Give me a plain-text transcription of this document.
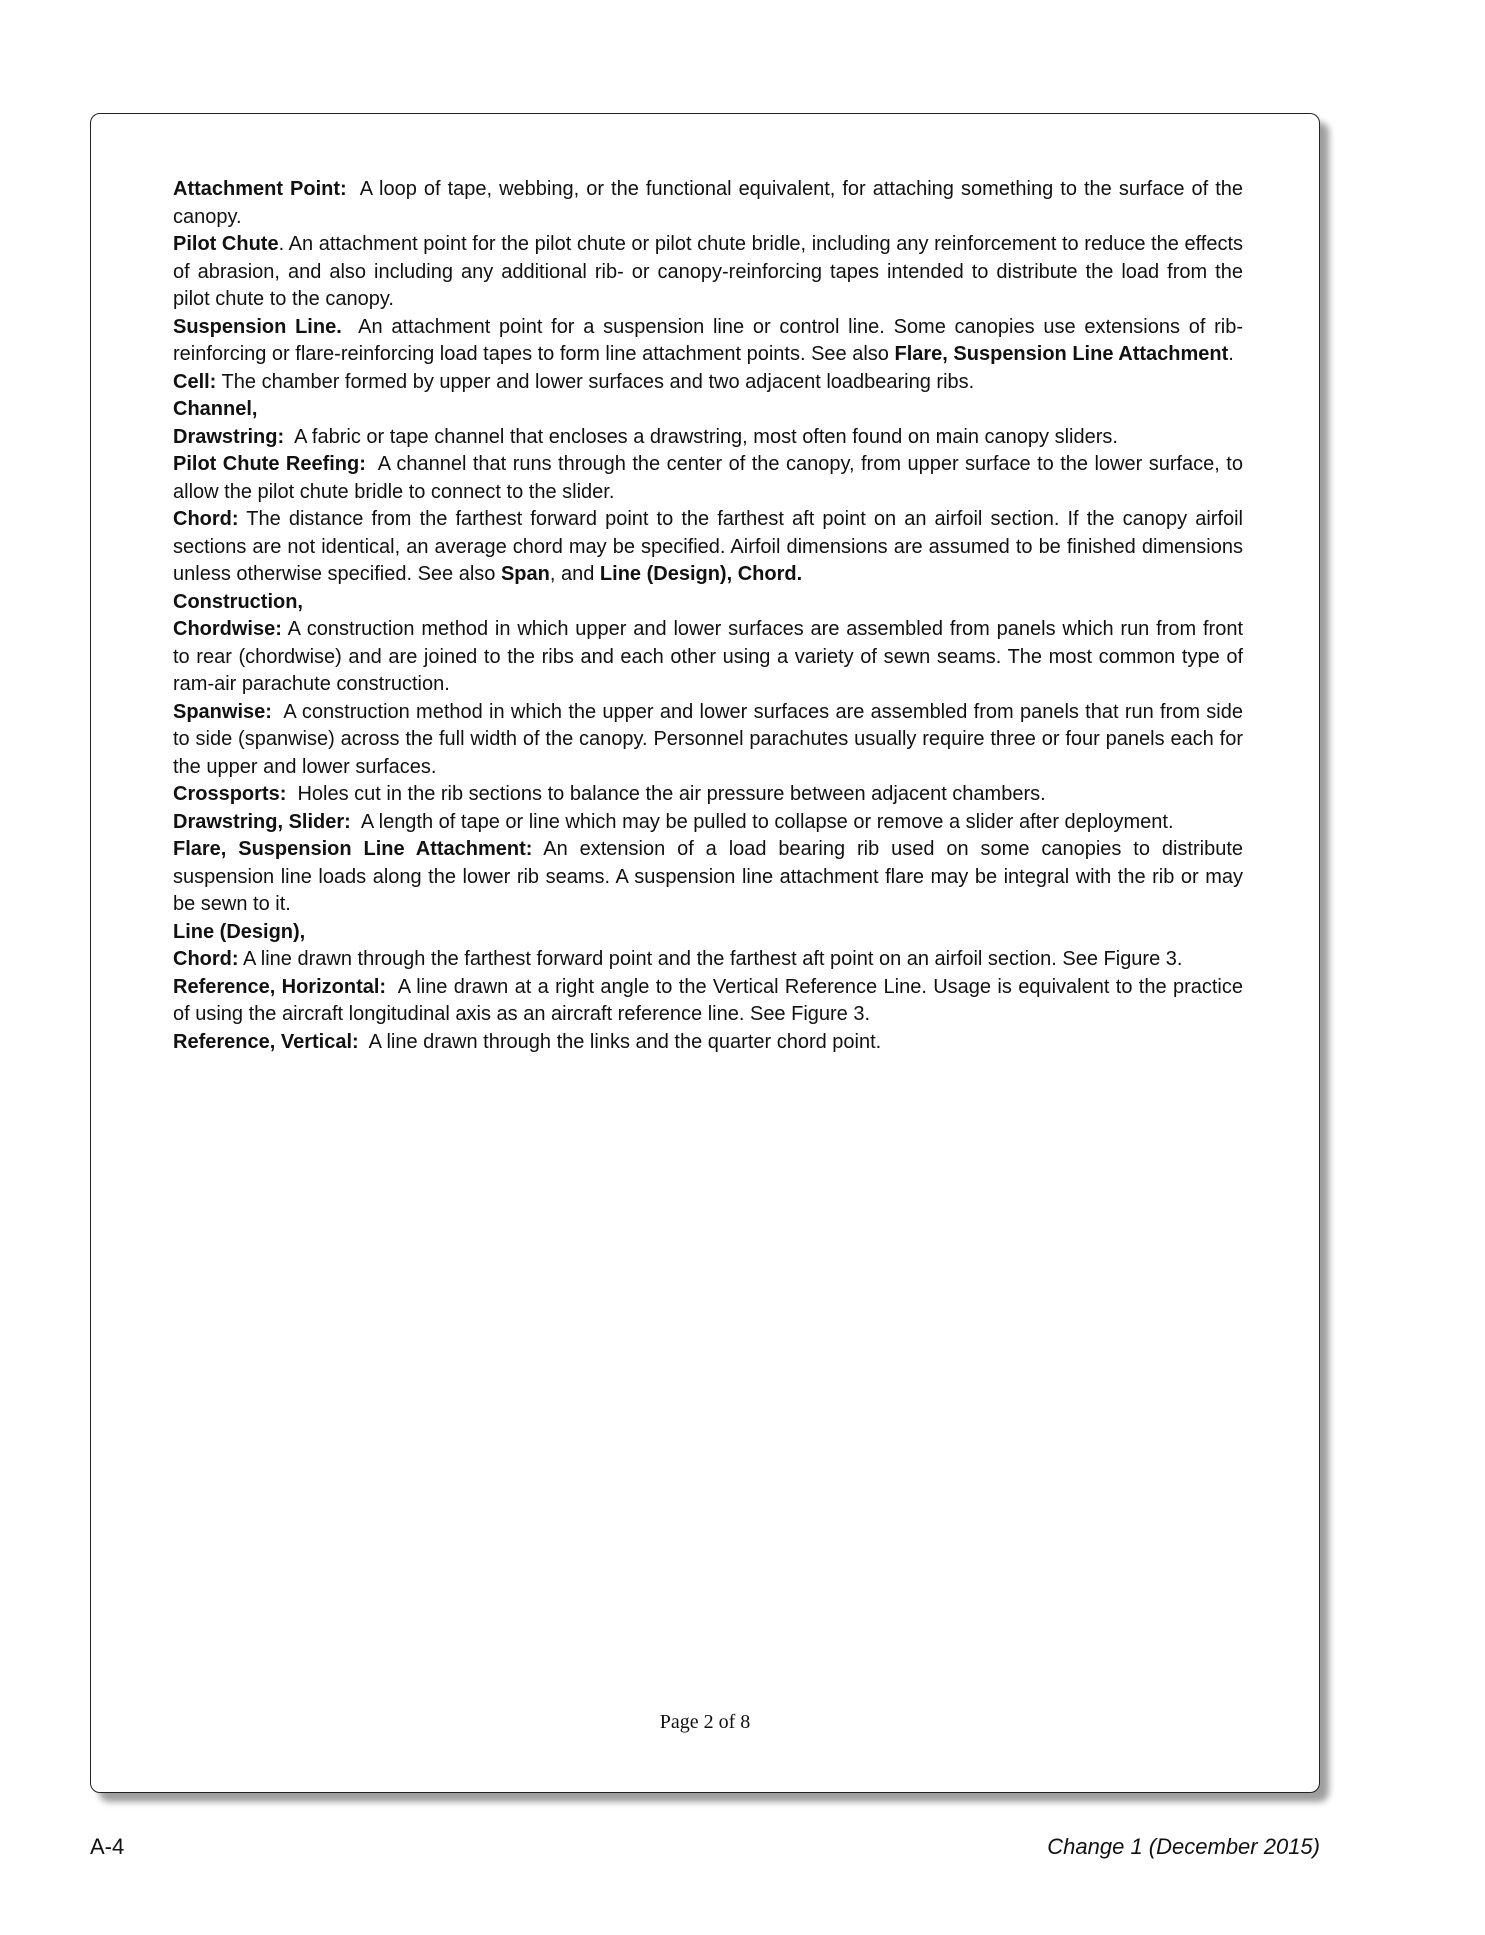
Attachment Point: A loop of tape, webbing, or the functional equivalent, for attaching something to the surface of the canopy.

Pilot Chute. An attachment point for the pilot chute or pilot chute bridle, including any reinforcement to reduce the effects of abrasion, and also including any additional rib- or canopy-reinforcing tapes intended to distribute the load from the pilot chute to the canopy.

Suspension Line. An attachment point for a suspension line or control line. Some canopies use extensions of rib-reinforcing or flare-reinforcing load tapes to form line attachment points. See also Flare, Suspension Line Attachment.

Cell: The chamber formed by upper and lower surfaces and two adjacent loadbearing ribs.

Channel,

Drawstring: A fabric or tape channel that encloses a drawstring, most often found on main canopy sliders.

Pilot Chute Reefing: A channel that runs through the center of the canopy, from upper surface to the lower surface, to allow the pilot chute bridle to connect to the slider.

Chord: The distance from the farthest forward point to the farthest aft point on an airfoil section. If the canopy airfoil sections are not identical, an average chord may be specified. Airfoil dimensions are assumed to be finished dimensions unless otherwise specified. See also Span, and Line (Design), Chord.

Construction,

Chordwise: A construction method in which upper and lower surfaces are assembled from panels which run from front to rear (chordwise) and are joined to the ribs and each other using a variety of sewn seams. The most common type of ram-air parachute construction.

Spanwise: A construction method in which the upper and lower surfaces are assembled from panels that run from side to side (spanwise) across the full width of the canopy. Personnel parachutes usually require three or four panels each for the upper and lower surfaces.

Crossports: Holes cut in the rib sections to balance the air pressure between adjacent chambers.

Drawstring, Slider: A length of tape or line which may be pulled to collapse or remove a slider after deployment.

Flare, Suspension Line Attachment: An extension of a load bearing rib used on some canopies to distribute suspension line loads along the lower rib seams. A suspension line attachment flare may be integral with the rib or may be sewn to it.

Line (Design),

Chord: A line drawn through the farthest forward point and the farthest aft point on an airfoil section. See Figure 3.

Reference, Horizontal: A line drawn at a right angle to the Vertical Reference Line. Usage is equivalent to the practice of using the aircraft longitudinal axis as an aircraft reference line. See Figure 3.

Reference, Vertical: A line drawn through the links and the quarter chord point.

Page 2 of 8
A-4	Change 1 (December 2015)
